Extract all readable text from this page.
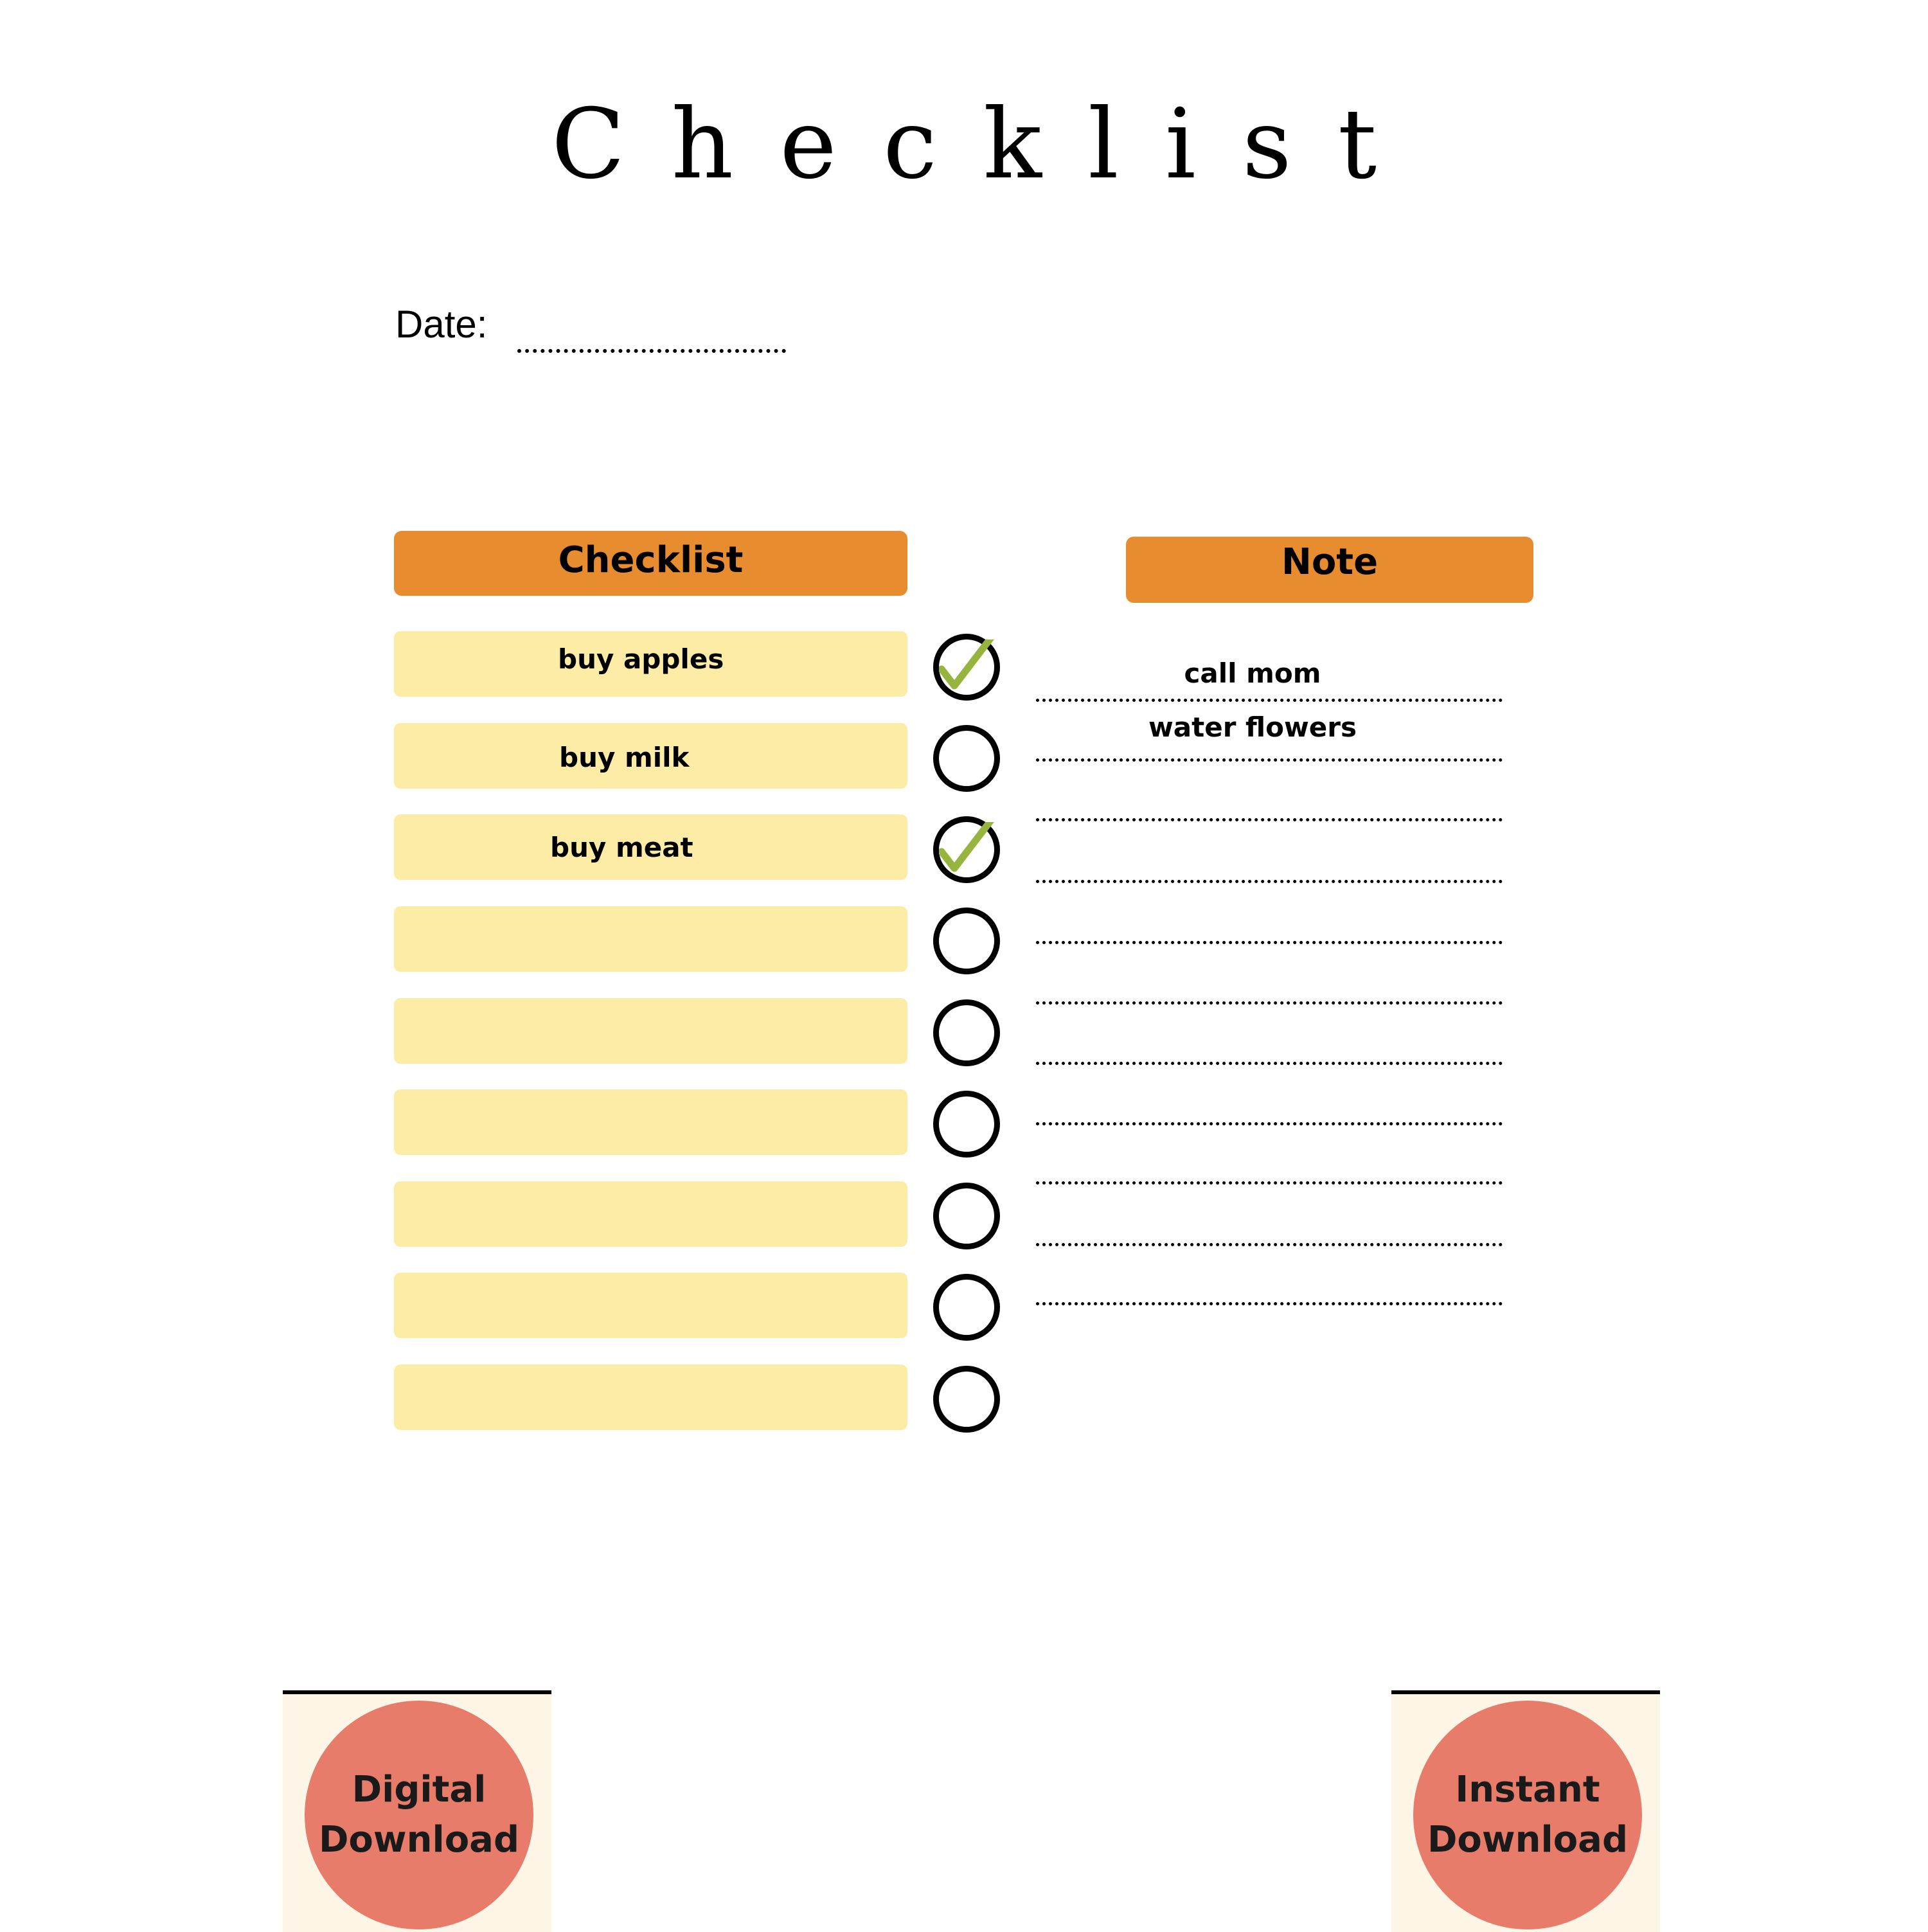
Checklist
Date:
Checklist	Note
buy apples
buy milk
buy meat
call mom
water flowers
Digital
Download
Instant
Download
